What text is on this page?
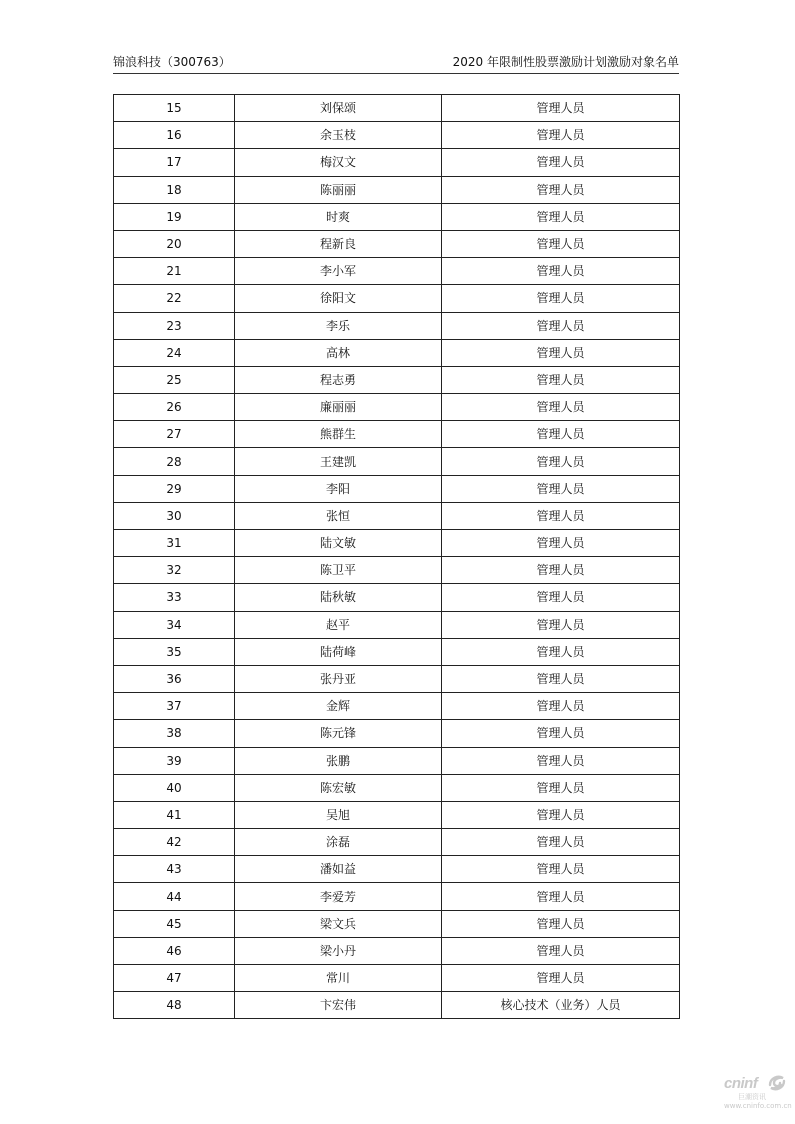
锦浪科技（300763）	2020 年限制性股票激励计划激励对象名单
15	刘保颂	管理人员
16	余玉枝	管理人员
17	梅汉文	管理人员
18	陈丽丽	管理人员
19	时爽	管理人员
20	程新良	管理人员
21	李小军	管理人员
22	徐阳文	管理人员
23	李乐	管理人员
24	高林	管理人员
25	程志勇	管理人员
26	廉丽丽	管理人员
27	熊群生	管理人员
28	王建凯	管理人员
29	李阳	管理人员
30	张恒	管理人员
31	陆文敏	管理人员
32	陈卫平	管理人员
33	陆秋敏	管理人员
34	赵平	管理人员
35	陆荷峰	管理人员
36	张丹亚	管理人员
37	金辉	管理人员
38	陈元锋	管理人员
39	张鹏	管理人员
40	陈宏敏	管理人员
41	吴旭	管理人员
42	涂磊	管理人员
43	潘如益	管理人员
44	李爱芳	管理人员
45	梁文兵	管理人员
46	梁小丹	管理人员
47	常川	管理人员
48	卞宏伟	核心技术（业务）人员
cninf
巨潮资讯
www.cninfo.com.cn
